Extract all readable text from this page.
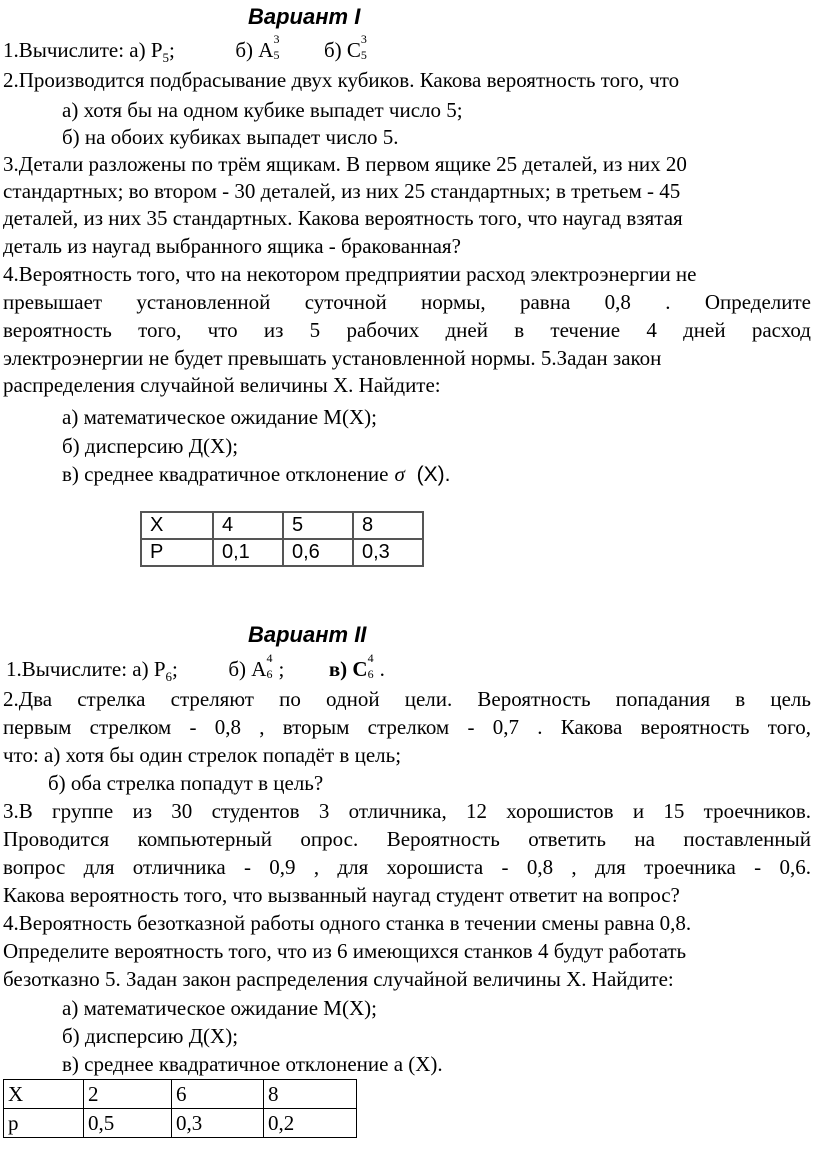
Вариант I
1.Вычислите: а) $Р_5$;	б) А 3
5 б) С 3
5
2.Производится подбрасывание двух кубиков. Какова вероятность того, что
а) хотя бы на одном кубике выпадет число 5;
б) на обоих кубиках выпадет число 5.
3.Детали разложены по трём ящикам. В первом ящике 25 деталей, из них 20
стандартных; во втором - 30 деталей, из них 25 стандартных; в третьем - 45
деталей, из них 35 стандартных. Какова вероятность того, что наугад взятая
деталь из наугад выбранного ящика - бракованная?
4.Вероятность того, что на некотором предприятии расход электроэнергии не
превышает установленной суточной нормы, равна 0,8 . Определите
вероятность того, что из 5 рабочих дней в течение 4 дней расход
электроэнергии не будет превышать установленной нормы. 5.Задан закон
распределения случайной величины X. Найдите:
а) математическое ожидание М(X);
б) дисперсию Д(X);
в) среднее квадратичное отклонение σ (X).
X	4	5	8
P	0,1	0,6	0,3
Вариант II
1.Вычислите: а) $Р_6$; б) А 4
6 ; в) С 4
6 .
2.Два стрелка стреляют по одной цели. Вероятность попадания в цель
первым стрелком - 0,8 , вторым стрелком - 0,7 . Какова вероятность того,
что: а) хотя бы один стрелок попадёт в цель;
б) оба стрелка попадут в цель?
3.В группе из 30 студентов 3 отличника, 12 хорошистов и 15 троечников.
Проводится компьютерный опрос. Вероятность ответить на поставленный
вопрос для отличника - 0,9 , для хорошиста - 0,8 , для троечника - 0,6.
Какова вероятность того, что вызванный наугад студент ответит на вопрос?
4.Вероятность безотказной работы одного станка в течении смены равна 0,8.
Определите вероятность того, что из 6 имеющихся станков 4 будут работать
безотказно 5. Задан закон распределения случайной величины X. Найдите:
а) математическое ожидание М(X);
б) дисперсию Д(X);
в) среднее квадратичное отклонение а (X).
X	2	6	8
р	0,5	0,3	0,2
